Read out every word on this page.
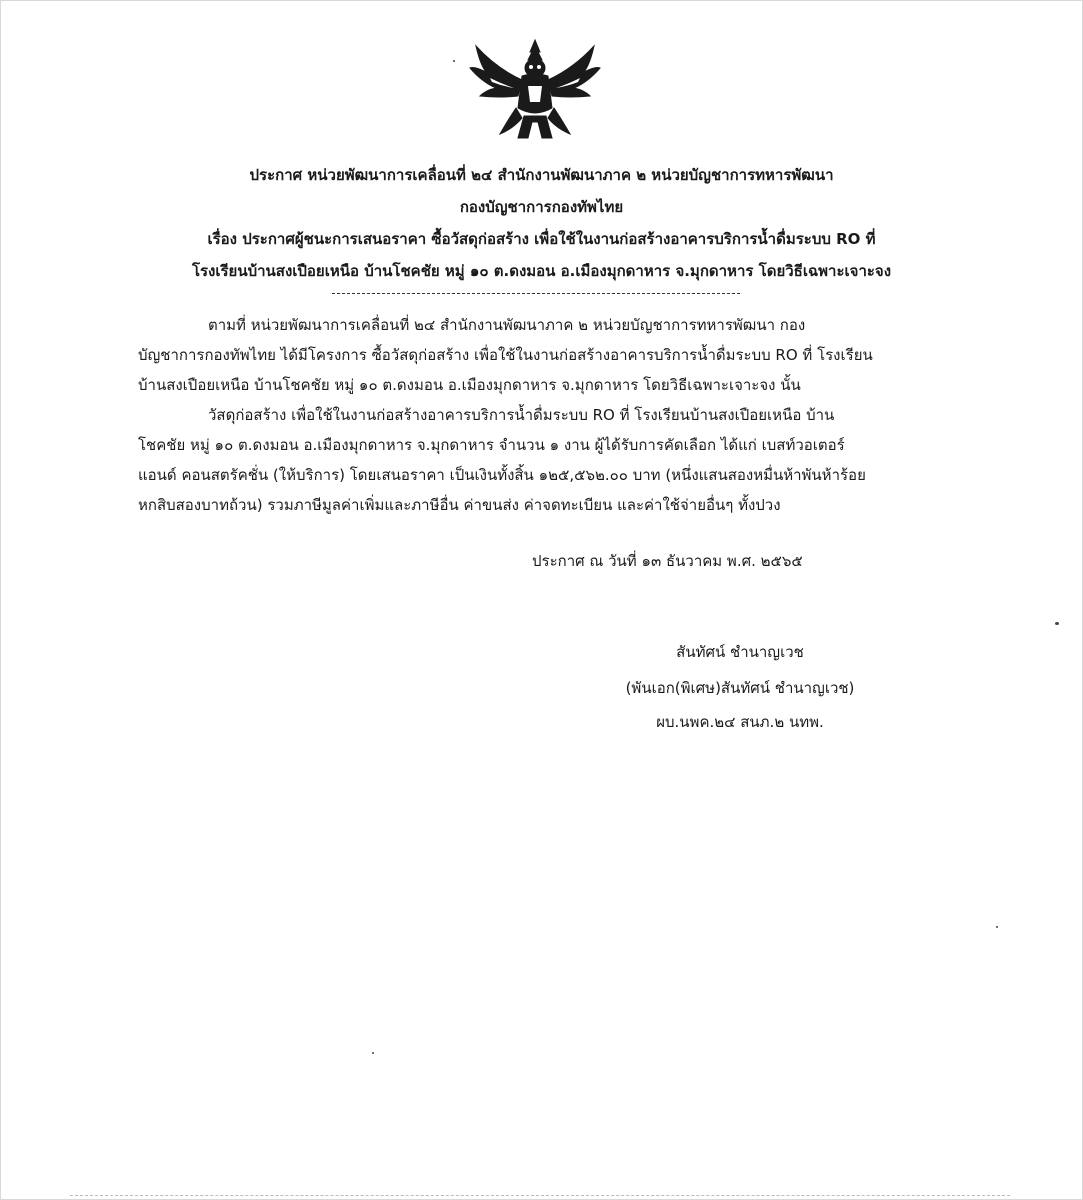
ประกาศ หน่วยพัฒนาการเคลื่อนที่ ๒๔ สำนักงานพัฒนาภาค ๒ หน่วยบัญชาการทหารพัฒนา
กองบัญชาการกองทัพไทย
เรื่อง ประกาศผู้ชนะการเสนอราคา ซื้อวัสดุก่อสร้าง เพื่อใช้ในงานก่อสร้างอาคารบริการน้ำดื่มระบบ RO ที่
โรงเรียนบ้านสงเปือยเหนือ บ้านโชคชัย หมู่ ๑๐ ต.ดงมอน อ.เมืองมุกดาหาร จ.มุกดาหาร โดยวิธีเฉพาะเจาะจง
ตามที่ หน่วยพัฒนาการเคลื่อนที่ ๒๔ สำนักงานพัฒนาภาค ๒ หน่วยบัญชาการทหารพัฒนา กอง
บัญชาการกองทัพไทย ได้มีโครงการ ซื้อวัสดุก่อสร้าง เพื่อใช้ในงานก่อสร้างอาคารบริการน้ำดื่มระบบ RO ที่ โรงเรียน
บ้านสงเปือยเหนือ บ้านโชคชัย หมู่ ๑๐ ต.ดงมอน อ.เมืองมุกดาหาร จ.มุกดาหาร โดยวิธีเฉพาะเจาะจง นั้น
วัสดุก่อสร้าง เพื่อใช้ในงานก่อสร้างอาคารบริการน้ำดื่มระบบ RO ที่ โรงเรียนบ้านสงเปือยเหนือ บ้าน
โชคชัย หมู่ ๑๐ ต.ดงมอน อ.เมืองมุกดาหาร จ.มุกดาหาร จำนวน ๑ งาน ผู้ได้รับการคัดเลือก ได้แก่ เบสท์วอเตอร์
แอนด์ คอนสตรัคชั่น (ให้บริการ) โดยเสนอราคา เป็นเงินทั้งสิ้น ๑๒๕,๕๖๒.๐๐ บาท (หนึ่งแสนสองหมื่นห้าพันห้าร้อย
หกสิบสองบาทถ้วน) รวมภาษีมูลค่าเพิ่มและภาษีอื่น ค่าขนส่ง ค่าจดทะเบียน และค่าใช้จ่ายอื่นๆ ทั้งปวง
ประกาศ ณ วันที่ ๑๓ ธันวาคม พ.ศ. ๒๕๖๕
สันทัศน์ ชำนาญเวช
(พันเอก(พิเศษ)สันทัศน์ ชำนาญเวช)
ผบ.นพค.๒๔ สนภ.๒ นทพ.
